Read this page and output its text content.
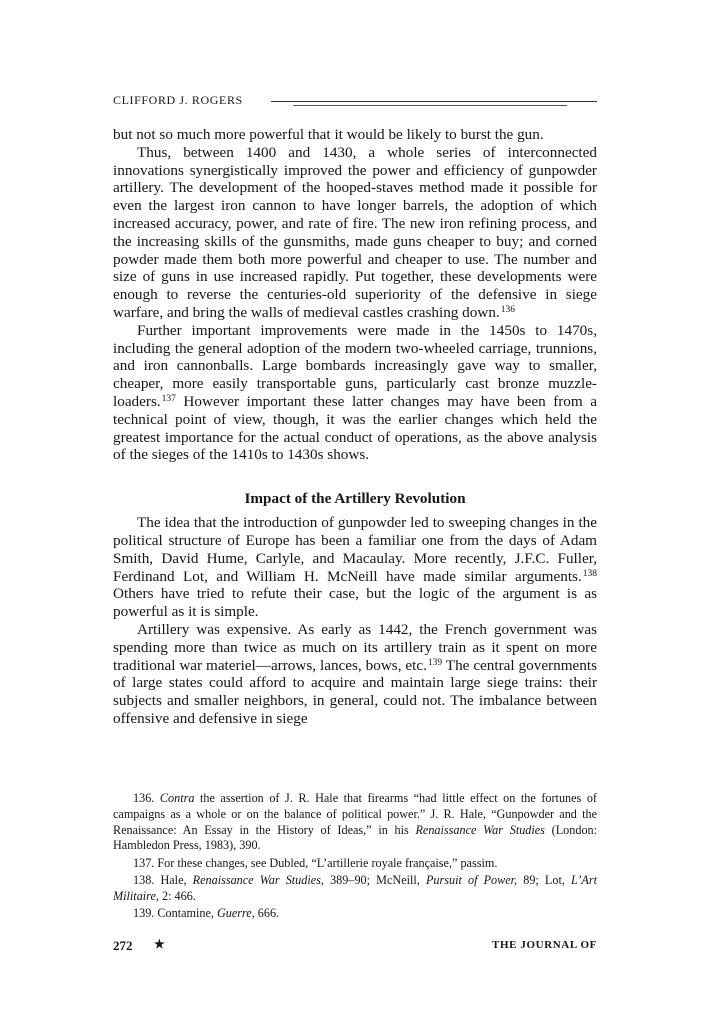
CLIFFORD J. ROGERS

but not so much more powerful that it would be likely to burst the gun.

Thus, between 1400 and 1430, a whole series of interconnected innovations synergistically improved the power and efficiency of gunpowder artillery. The development of the hooped-staves method made it possible for even the largest iron cannon to have longer barrels, the adoption of which increased accuracy, power, and rate of fire. The new iron refining process, and the increasing skills of the gunsmiths, made guns cheaper to buy; and corned powder made them both more powerful and cheaper to use. The number and size of guns in use increased rapidly. Put together, these developments were enough to reverse the centuries-old superiority of the defensive in siege warfare, and bring the walls of medieval castles crashing down.$^{136}$

Further important improvements were made in the 1450s to 1470s, including the general adoption of the modern two-wheeled carriage, trunnions, and iron cannonballs. Large bombards increasingly gave way to smaller, cheaper, more easily transportable guns, particularly cast bronze muzzle-loaders.$^{137}$ However important these latter changes may have been from a technical point of view, though, it was the earlier changes which held the greatest importance for the actual conduct of operations, as the above analysis of the sieges of the 1410s to 1430s shows.

Impact of the Artillery Revolution

The idea that the introduction of gunpowder led to sweeping changes in the political structure of Europe has been a familiar one from the days of Adam Smith, David Hume, Carlyle, and Macaulay. More recently, J.F.C. Fuller, Ferdinand Lot, and William H. McNeill have made similar arguments.$^{138}$ Others have tried to refute their case, but the logic of the argument is as powerful as it is simple.

Artillery was expensive. As early as 1442, the French government was spending more than twice as much on its artillery train as it spent on more traditional war materiel—arrows, lances, bows, etc.$^{139}$ The central governments of large states could afford to acquire and maintain large siege trains: their subjects and smaller neighbors, in general, could not. The imbalance between offensive and defensive in siege

136. Contra the assertion of J. R. Hale that firearms “had little effect on the fortunes of campaigns as a whole or on the balance of political power.” J. R. Hale, “Gunpowder and the Renaissance: An Essay in the History of Ideas,” in his Renaissance War Studies (London: Hambledon Press, 1983), 390.

137. For these changes, see Dubled, “L’artillerie royale française,” passim.

138. Hale, Renaissance War Studies, 389–90; McNeill, Pursuit of Power, 89; Lot, L’Art Militaire, 2: 466.

139. Contamine, Guerre, 666.

272 ★	THE JOURNAL OF
